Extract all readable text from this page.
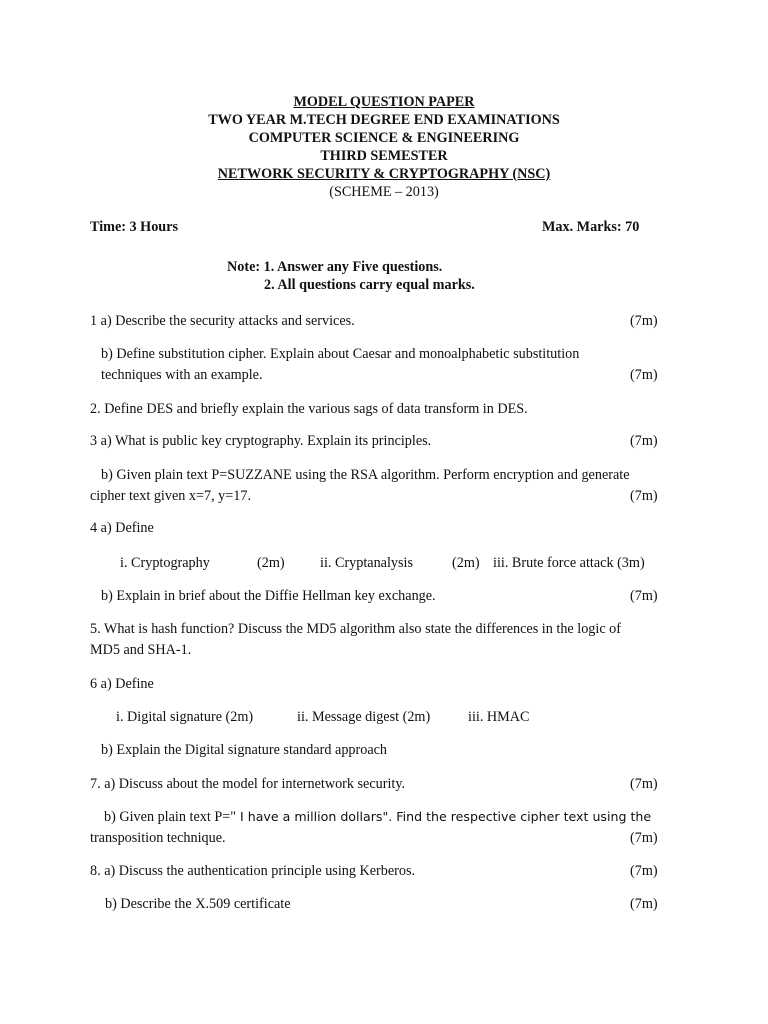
MODEL QUESTION PAPER
TWO YEAR M.TECH DEGREE END EXAMINATIONS
COMPUTER SCIENCE & ENGINEERING
THIRD SEMESTER
NETWORK SECURITY & CRYPTOGRAPHY (NSC)
(SCHEME – 2013)
Time: 3 Hours	Max. Marks: 70
Note: 1. Answer any Five questions.
2. All questions carry equal marks.
1 a) Describe the security attacks and services.	(7m)
b) Define substitution cipher. Explain about Caesar and monoalphabetic substitution
techniques with an example.	(7m)
2. Define DES and briefly explain the various sags of data transform in DES.
3 a) What is public key cryptography. Explain its principles.	(7m)
b) Given plain text P=SUZZANE using the RSA algorithm. Perform encryption and generate
cipher text given x=7, y=17.	(7m)
4 a) Define
i. Cryptography	(2m) ii. Cryptanalysis	(2m) iii. Brute force attack (3m)
b) Explain in brief about the Diffie Hellman key exchange.	(7m)
5. What is hash function? Discuss the MD5 algorithm also state the differences in the logic of
MD5 and SHA-1.
6 a) Define
i. Digital signature (2m)	ii. Message digest (2m)	iii. HMAC
b) Explain the Digital signature standard approach
7. a) Discuss about the model for internetwork security.	(7m)
b) Given plain text P=" I have a million dollars". Find the respective cipher text using the
transposition technique.	(7m)
8. a) Discuss the authentication principle using Kerberos.	(7m)
b) Describe the X.509 certificate	(7m)
